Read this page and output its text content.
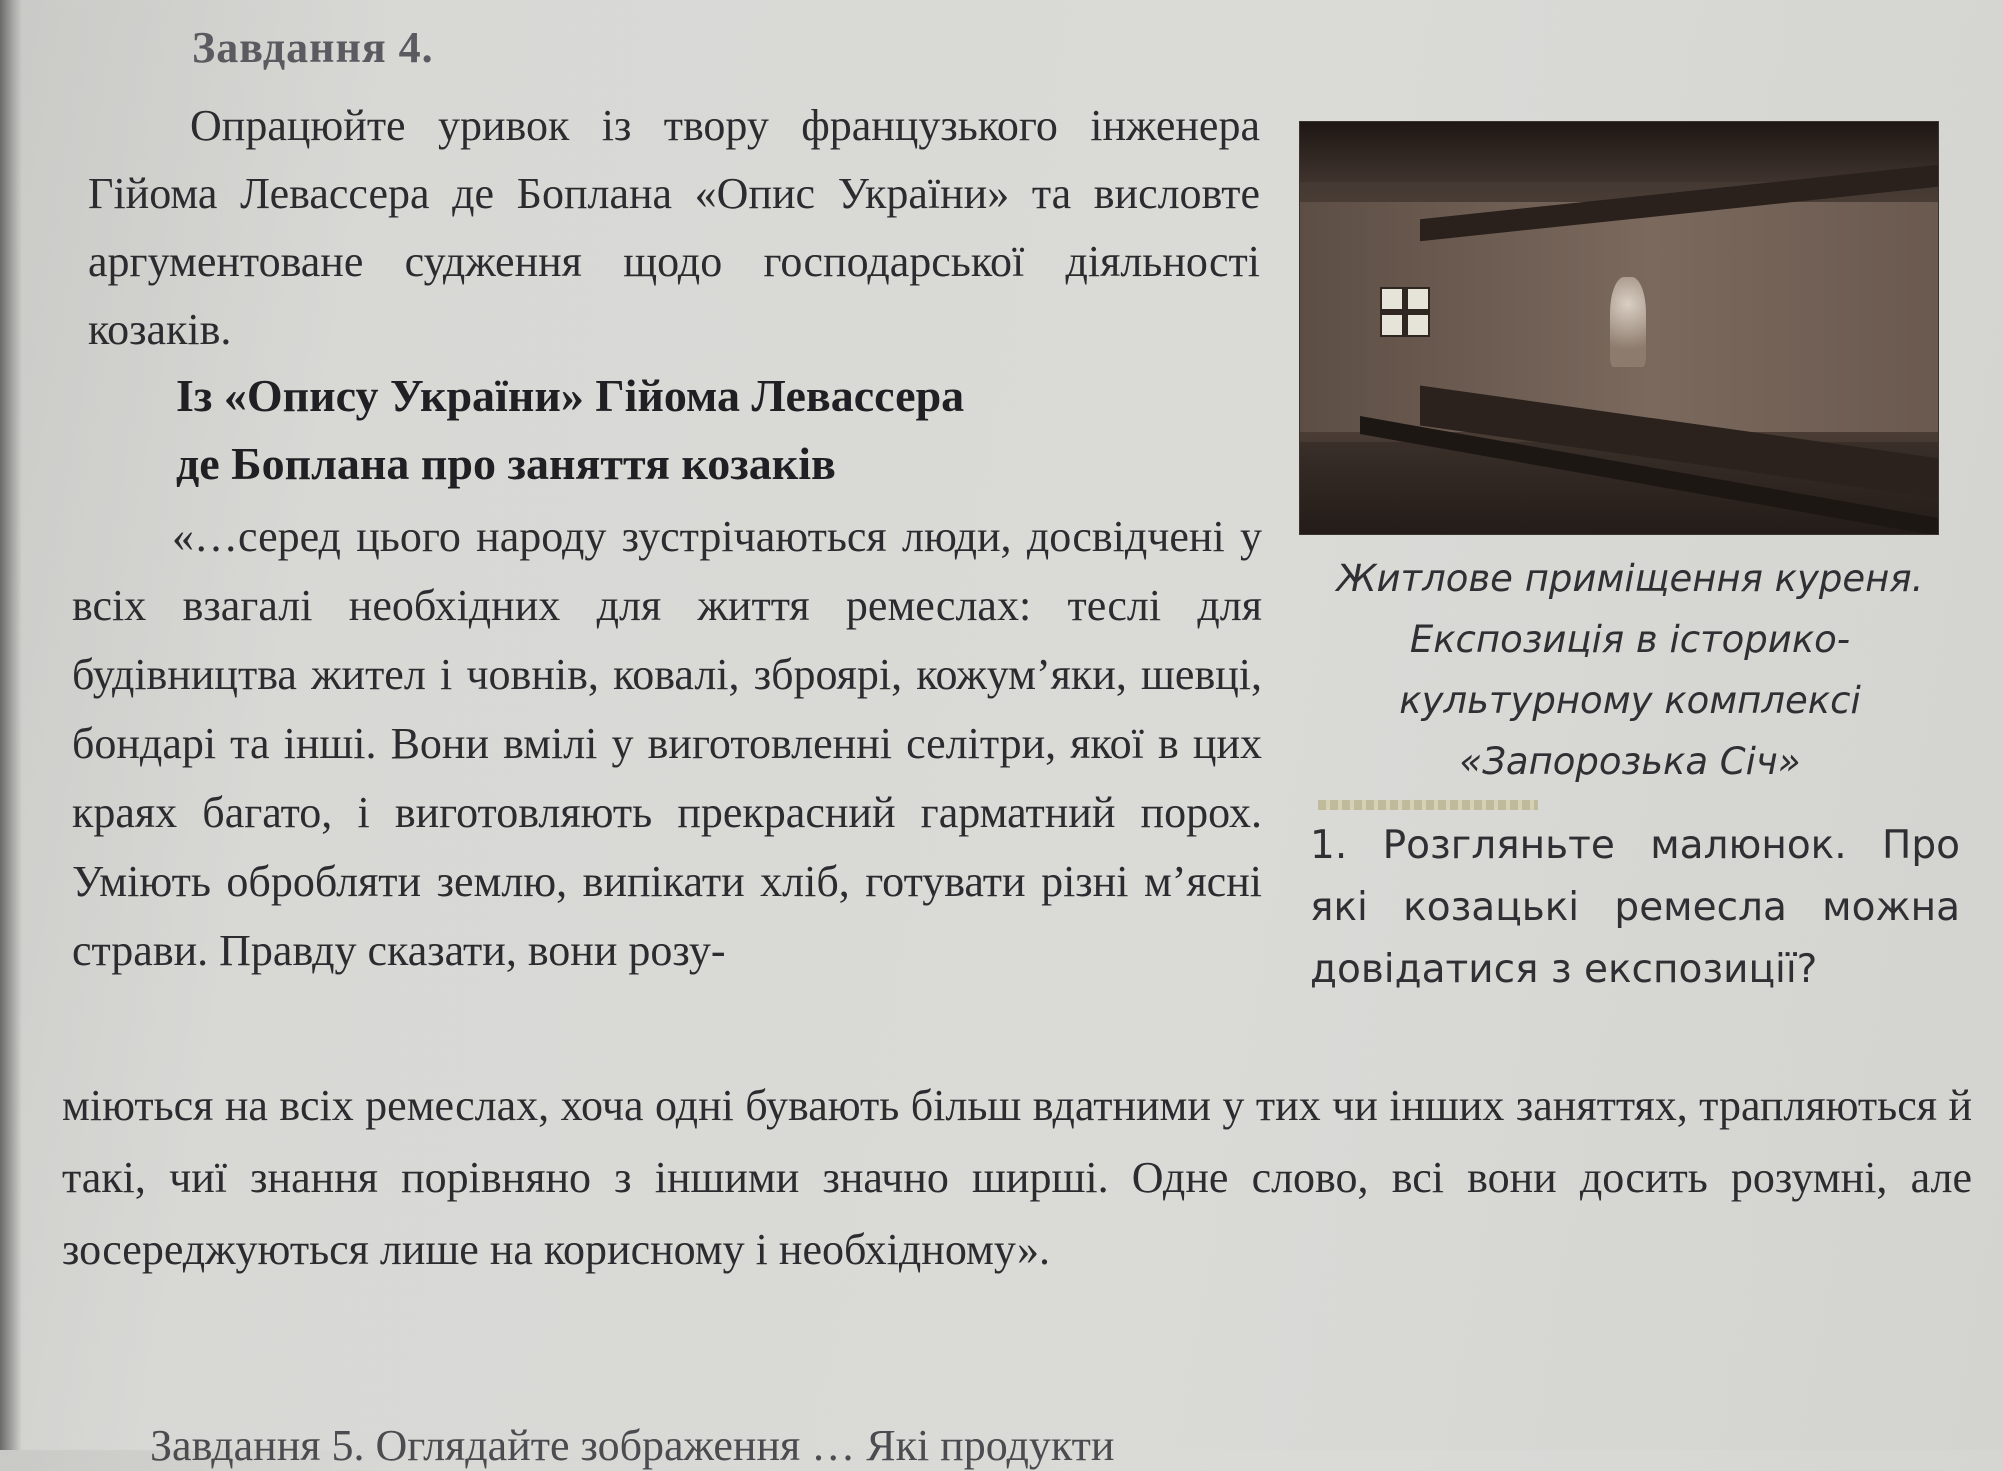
Завдання 4.

Опрацюйте уривок із твору французького інженера Гійома Левассера де Боплана «Опис України» та висловте аргументоване судження щодо господарської діяльності козаків.

Із «Опису України» Гійома Левассера
де Боплана про заняття козаків

«…серед цього народу зустрічаються люди, досвідчені у всіх взагалі необхідних для життя ремеслах: теслі для будівництва жител і човнів, ковалі, зброярі, кожум’яки, шевці, бондарі та інші. Вони вмілі у виготовленні селітри, якої в цих краях багато, і виготовляють прекрасний гарматний порох. Уміють обробляти землю, випікати хліб, готувати різні м’ясні страви. Правду сказати, вони розу-

міються на всіх ремеслах, хоча одні бувають більш вдатними у тих чи інших заняттях, трапляються й такі, чиї знання порівняно з іншими значно ширші. Одне слово, всі вони досить розумні, але зосереджуються лише на корисному і необхідному».

Житлове приміщення куреня.
Експозиція в історико-
культурному комплексі
«Запорозька Січ»

1. Розгляньте малюнок. Про які козацькі ремесла можна довідатися з експозиції?

Завдання 5. Оглядайте зображення … Які продукти
